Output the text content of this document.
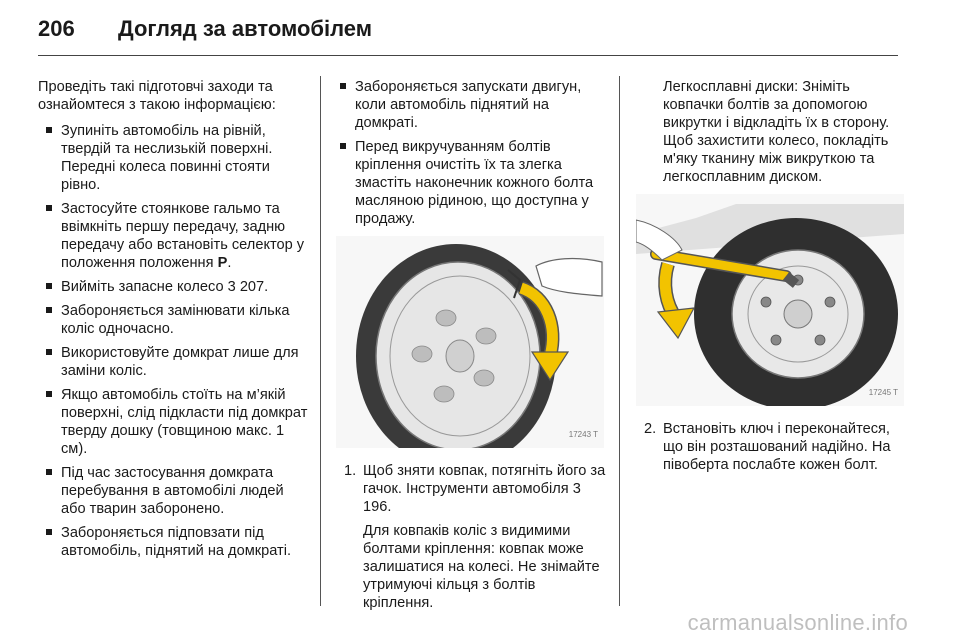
206 Догляд за автомобілем

Проведіть такі підготовчі заходи та ознайомтеся з такою інформацією:

Зупиніть автомобіль на рівній, твердій та неслизькій поверхні. Передні колеса повинні стояти рівно.
Застосуйте стоянкове гальмо та ввімкніть першу передачу, задню передачу або встановіть селектор у положення положення P.
Вийміть запасне колесо 3 207.
Забороняється замінювати кілька коліс одночасно.
Використовуйте домкрат лише для заміни коліс.
Якщо автомобіль стоїть на м’якій поверхні, слід підкласти під домкрат тверду дошку (товщиною макс. 1 см).
Під час застосування домкрата перебування в автомобілі людей або тварин заборонено.
Забороняється підповзати під автомобіль, піднятий на домкраті.
Забороняється запускати двигун, коли автомобіль піднятий на домкраті.
Перед викручуванням болтів кріплення очистіть їх та злегка змастіть наконечник кожного болта масляною рідиною, що доступна у продажу.
17243 T
1. Щоб зняти ковпак, потягніть його за гачок. Інструменти автомобіля 3 196.
Для ковпаків коліс з видимими болтами кріплення: ковпак може залишатися на колесі. Не знімайте утримуючі кільця з болтів кріплення.

Легкосплавні диски: Зніміть ковпачки болтів за допомогою викрутки і відкладіть їх в сторону. Щоб захистити колесо, покладіть м'яку тканину між викруткою та легкосплавним диском.

17245 T
2. Встановіть ключ і переконайтеся, що він розташований надійно. На півоберта послабте кожен болт.
carmanualsonline.info
